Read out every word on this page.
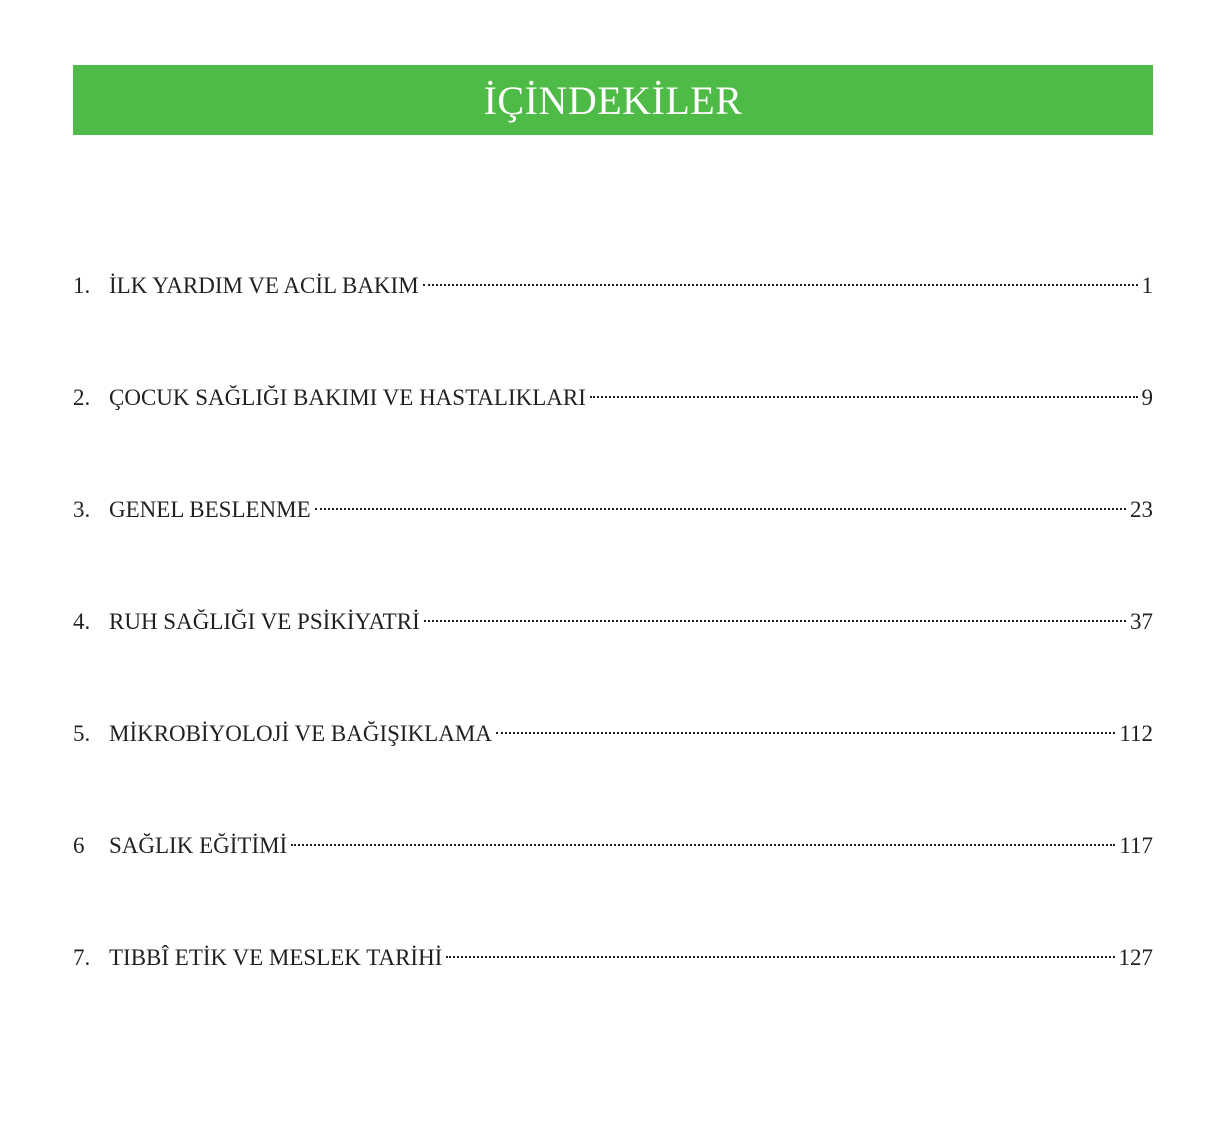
İÇİNDEKİLER
1. İLK YARDIM VE ACİL BAKIM	1
2. ÇOCUK SAĞLIĞI BAKIMI VE HASTALIKLARI	9
3. GENEL BESLENME	23
4. RUH SAĞLIĞI VE PSİKİYATRİ	37
5. MİKROBİYOLOJİ VE BAĞIŞIKLAMA	112
6	SAĞLIK EĞİTİMİ	117
7. TIBBÎ ETİK VE MESLEK TARİHİ	127
